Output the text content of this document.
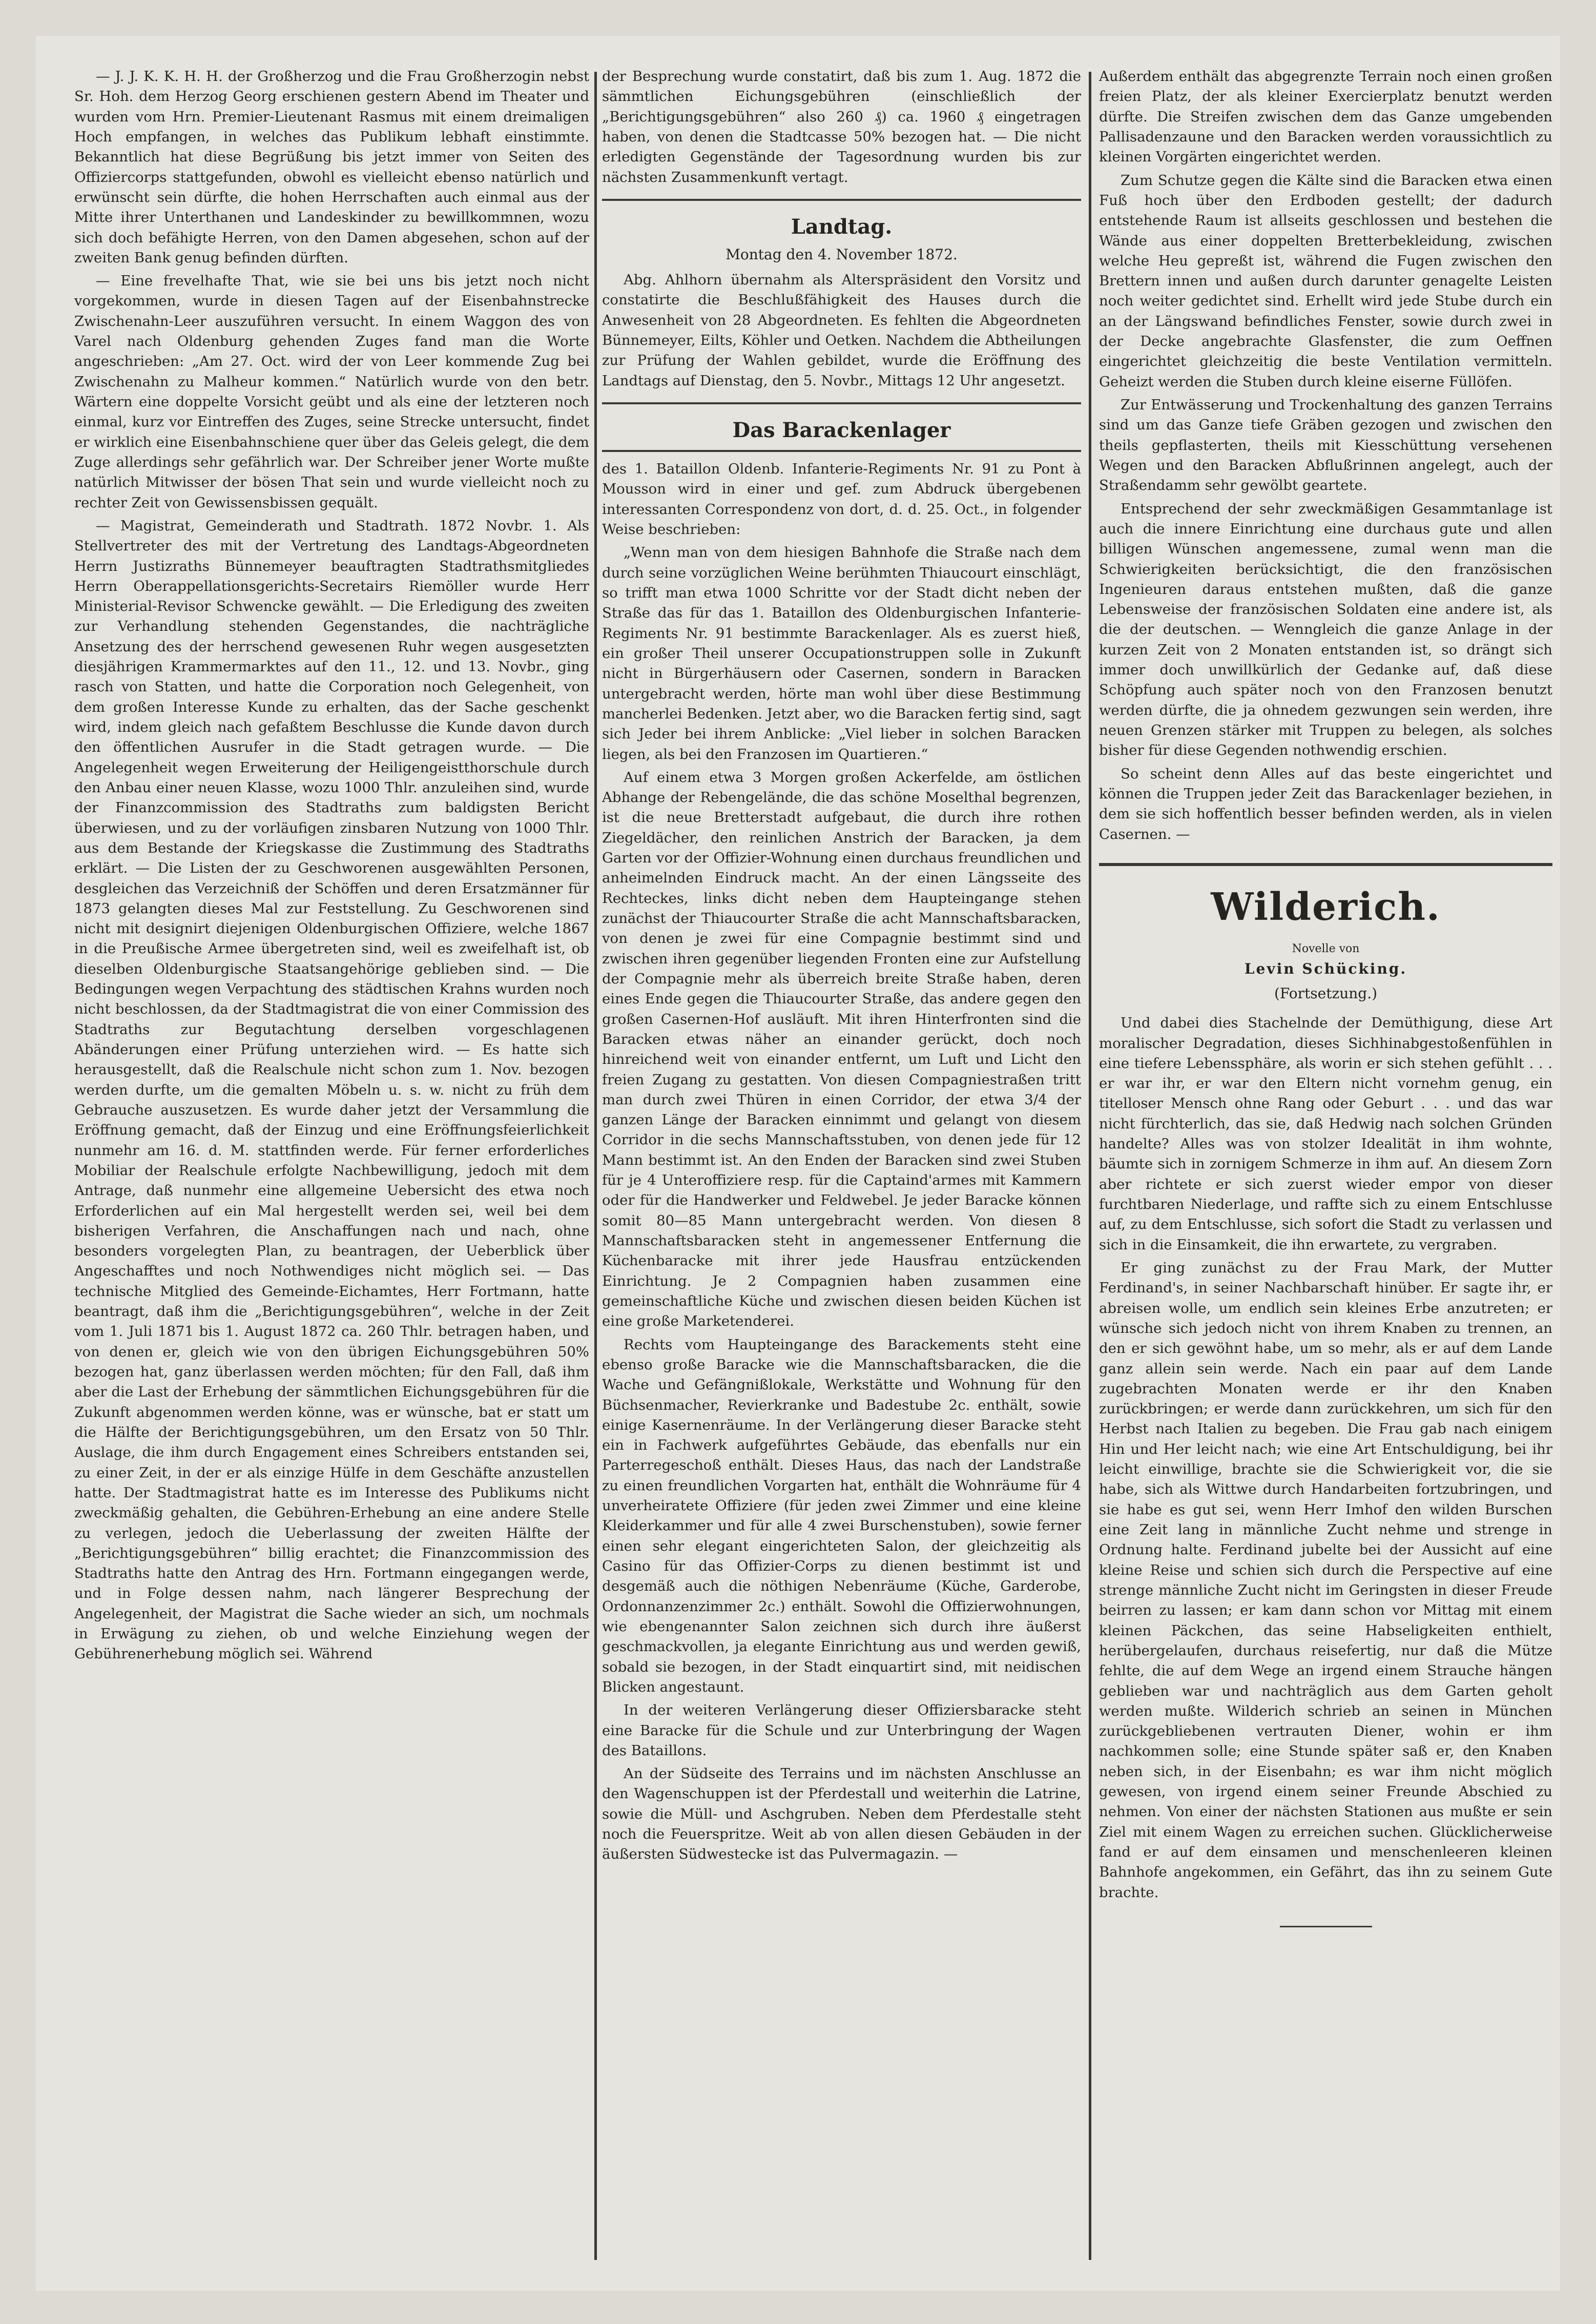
— J. J. K. K. H. H. der Großherzog und die Frau Großherzogin nebst Sr. Hoh. dem Herzog Georg erschienen gestern Abend im Theater und wurden vom Hrn. Premier-Lieutenant Rasmus mit einem dreimaligen Hoch empfangen, in welches das Publikum lebhaft einstimmte. Bekanntlich hat diese Begrüßung bis jetzt immer von Seiten des Offiziercorps stattgefunden, obwohl es vielleicht ebenso natürlich und erwünscht sein dürfte, die hohen Herrschaften auch einmal aus der Mitte ihrer Unterthanen und Landeskinder zu bewillkommnen, wozu sich doch befähigte Herren, von den Damen abgesehen, schon auf der zweiten Bank genug befinden dürften.

— Eine frevelhafte That, wie sie bei uns bis jetzt noch nicht vorgekommen, wurde in diesen Tagen auf der Eisenbahnstrecke Zwischenahn-Leer auszuführen versucht. In einem Waggon des von Varel nach Oldenburg gehenden Zuges fand man die Worte angeschrieben: „Am 27. Oct. wird der von Leer kommende Zug bei Zwischenahn zu Malheur kommen.“ Natürlich wurde von den betr. Wärtern eine doppelte Vorsicht geübt und als eine der letzteren noch einmal, kurz vor Eintreffen des Zuges, seine Strecke untersucht, findet er wirklich eine Eisenbahnschiene quer über das Geleis gelegt, die dem Zuge allerdings sehr gefährlich war. Der Schreiber jener Worte mußte natürlich Mitwisser der bösen That sein und wurde vielleicht noch zu rechter Zeit von Gewissensbissen gequält.

— Magistrat, Gemeinderath und Stadtrath. 1872 Novbr. 1. Als Stellvertreter des mit der Vertretung des Landtags-Abgeordneten Herrn Justizraths Bünnemeyer beauftragten Stadtrathsmitgliedes Herrn Oberappellationsgerichts-Secretairs Riemöller wurde Herr Ministerial-Revisor Schwencke gewählt. — Die Erledigung des zweiten zur Verhandlung stehenden Gegenstandes, die nachträgliche Ansetzung des der herrschend gewesenen Ruhr wegen ausgesetzten diesjährigen Krammermarktes auf den 11., 12. und 13. Novbr., ging rasch von Statten, und hatte die Corporation noch Gelegenheit, von dem großen Interesse Kunde zu erhalten, das der Sache geschenkt wird, indem gleich nach gefaßtem Beschlusse die Kunde davon durch den öffentlichen Ausrufer in die Stadt getragen wurde. — Die Angelegenheit wegen Erweiterung der Heiligengeistthorschule durch den Anbau einer neuen Klasse, wozu 1000 Thlr. anzuleihen sind, wurde der Finanzcommission des Stadtraths zum baldigsten Bericht überwiesen, und zu der vorläufigen zinsbaren Nutzung von 1000 Thlr. aus dem Bestande der Kriegskasse die Zustimmung des Stadtraths erklärt. — Die Listen der zu Geschworenen ausgewählten Personen, desgleichen das Verzeichniß der Schöffen und deren Ersatzmänner für 1873 gelangten dieses Mal zur Feststellung. Zu Geschworenen sind nicht mit designirt diejenigen Oldenburgischen Offiziere, welche 1867 in die Preußische Armee übergetreten sind, weil es zweifelhaft ist, ob dieselben Oldenburgische Staatsangehörige geblieben sind. — Die Bedingungen wegen Verpachtung des städtischen Krahns wurden noch nicht beschlossen, da der Stadtmagistrat die von einer Commission des Stadtraths zur Begutachtung derselben vorgeschlagenen Abänderungen einer Prüfung unterziehen wird. — Es hatte sich herausgestellt, daß die Realschule nicht schon zum 1. Nov. bezogen werden durfte, um die gemalten Möbeln u. s. w. nicht zu früh dem Gebrauche auszusetzen. Es wurde daher jetzt der Versammlung die Eröffnung gemacht, daß der Einzug und eine Eröffnungsfeierlichkeit nunmehr am 16. d. M. stattfinden werde. Für ferner erforderliches Mobiliar der Realschule erfolgte Nachbewilligung, jedoch mit dem Antrage, daß nunmehr eine allgemeine Uebersicht des etwa noch Erforderlichen auf ein Mal hergestellt werden sei, weil bei dem bisherigen Verfahren, die Anschaffungen nach und nach, ohne besonders vorgelegten Plan, zu beantragen, der Ueberblick über Angeschafftes und noch Nothwendiges nicht möglich sei. — Das technische Mitglied des Gemeinde-Eichamtes, Herr Fortmann, hatte beantragt, daß ihm die „Berichtigungsgebühren“, welche in der Zeit vom 1. Juli 1871 bis 1. August 1872 ca. 260 Thlr. betragen haben, und von denen er, gleich wie von den übrigen Eichungsgebühren 50% bezogen hat, ganz überlassen werden möchten; für den Fall, daß ihm aber die Last der Erhebung der sämmtlichen Eichungsgebühren für die Zukunft abgenommen werden könne, was er wünsche, bat er statt um die Hälfte der Berichtigungsgebühren, um den Ersatz von 50 Thlr. Auslage, die ihm durch Engagement eines Schreibers entstanden sei, zu einer Zeit, in der er als einzige Hülfe in dem Geschäfte anzustellen hatte. Der Stadtmagistrat hatte es im Interesse des Publikums nicht zweckmäßig gehalten, die Gebühren-Erhebung an eine andere Stelle zu verlegen, jedoch die Ueberlassung der zweiten Hälfte der „Berichtigungsgebühren“ billig erachtet; die Finanzcommission des Stadtraths hatte den Antrag des Hrn. Fortmann eingegangen werde, und in Folge dessen nahm, nach längerer Besprechung der Angelegenheit, der Magistrat die Sache wieder an sich, um nochmals in Erwägung zu ziehen, ob und welche Einziehung wegen der Gebührenerhebung möglich sei. Während

der Besprechung wurde constatirt, daß bis zum 1. Aug. 1872 die sämmtlichen Eichungsgebühren (einschließlich der „Berichtigungsgebühren“ also 260 ₰) ca. 1960 ₰ eingetragen haben, von denen die Stadtcasse 50% bezogen hat. — Die nicht erledigten Gegenstände der Tagesordnung wurden bis zur nächsten Zusammenkunft vertagt.

Landtag.
Montag den 4. November 1872.

Abg. Ahlhorn übernahm als Alterspräsident den Vorsitz und constatirte die Beschlußfähigkeit des Hauses durch die Anwesenheit von 28 Abgeordneten. Es fehlten die Abgeordneten Bünnemeyer, Eilts, Köhler und Oetken. Nachdem die Abtheilungen zur Prüfung der Wahlen gebildet, wurde die Eröffnung des Landtags auf Dienstag, den 5. Novbr., Mittags 12 Uhr angesetzt.

Das Barackenlager

des 1. Bataillon Oldenb. Infanterie-Regiments Nr. 91 zu Pont à Mousson wird in einer und gef. zum Abdruck übergebenen interessanten Correspondenz von dort, d. d. 25. Oct., in folgender Weise beschrieben:

„Wenn man von dem hiesigen Bahnhofe die Straße nach dem durch seine vorzüglichen Weine berühmten Thiaucourt einschlägt, so trifft man etwa 1000 Schritte vor der Stadt dicht neben der Straße das für das 1. Bataillon des Oldenburgischen Infanterie-Regiments Nr. 91 bestimmte Barackenlager. Als es zuerst hieß, ein großer Theil unserer Occupationstruppen solle in Zukunft nicht in Bürgerhäusern oder Casernen, sondern in Baracken untergebracht werden, hörte man wohl über diese Bestimmung mancherlei Bedenken. Jetzt aber, wo die Baracken fertig sind, sagt sich Jeder bei ihrem Anblicke: „Viel lieber in solchen Baracken liegen, als bei den Franzosen im Quartieren.“

Auf einem etwa 3 Morgen großen Ackerfelde, am östlichen Abhange der Rebengelände, die das schöne Moselthal begrenzen, ist die neue Bretterstadt aufgebaut, die durch ihre rothen Ziegeldächer, den reinlichen Anstrich der Baracken, ja dem Garten vor der Offizier-Wohnung einen durchaus freundlichen und anheimelnden Eindruck macht. An der einen Längsseite des Rechteckes, links dicht neben dem Haupteingange stehen zunächst der Thiaucourter Straße die acht Mannschaftsbaracken, von denen je zwei für eine Compagnie bestimmt sind und zwischen ihren gegenüber liegenden Fronten eine zur Aufstellung der Compagnie mehr als überreich breite Straße haben, deren eines Ende gegen die Thiaucourter Straße, das andere gegen den großen Casernen-Hof ausläuft. Mit ihren Hinterfronten sind die Baracken etwas näher an einander gerückt, doch noch hinreichend weit von einander entfernt, um Luft und Licht den freien Zugang zu gestatten. Von diesen Compagniestraßen tritt man durch zwei Thüren in einen Corridor, der etwa 3/4 der ganzen Länge der Baracken einnimmt und gelangt von diesem Corridor in die sechs Mannschaftsstuben, von denen jede für 12 Mann bestimmt ist. An den Enden der Baracken sind zwei Stuben für je 4 Unteroffiziere resp. für die Captaind'armes mit Kammern oder für die Handwerker und Feldwebel. Je jeder Baracke können somit 80—85 Mann untergebracht werden. Von diesen 8 Mannschaftsbaracken steht in angemessener Entfernung die Küchenbaracke mit ihrer jede Hausfrau entzückenden Einrichtung. Je 2 Compagnien haben zusammen eine gemeinschaftliche Küche und zwischen diesen beiden Küchen ist eine große Marketenderei.

Rechts vom Haupteingange des Barackements steht eine ebenso große Baracke wie die Mannschaftsbaracken, die die Wache und Gefängnißlokale, Werkstätte und Wohnung für den Büchsenmacher, Revierkranke und Badestube 2c. enthält, sowie einige Kasernenräume. In der Verlängerung dieser Baracke steht ein in Fachwerk aufgeführtes Gebäude, das ebenfalls nur ein Parterregeschoß enthält. Dieses Haus, das nach der Landstraße zu einen freundlichen Vorgarten hat, enthält die Wohnräume für 4 unverheiratete Offiziere (für jeden zwei Zimmer und eine kleine Kleiderkammer und für alle 4 zwei Burschenstuben), sowie ferner einen sehr elegant eingerichteten Salon, der gleichzeitig als Casino für das Offizier-Corps zu dienen bestimmt ist und desgemäß auch die nöthigen Nebenräume (Küche, Garderobe, Ordonnanzenzimmer 2c.) enthält. Sowohl die Offizierwohnungen, wie ebengenannter Salon zeichnen sich durch ihre äußerst geschmackvollen, ja elegante Einrichtung aus und werden gewiß, sobald sie bezogen, in der Stadt einquartirt sind, mit neidischen Blicken angestaunt.

In der weiteren Verlängerung dieser Offiziersbaracke steht eine Baracke für die Schule und zur Unterbringung der Wagen des Bataillons.

An der Südseite des Terrains und im nächsten Anschlusse an den Wagenschuppen ist der Pferdestall und weiterhin die Latrine, sowie die Müll- und Aschgruben. Neben dem Pferdestalle steht noch die Feuerspritze. Weit ab von allen diesen Gebäuden in der äußersten Südwestecke ist das Pulvermagazin. —

Außerdem enthält das abgegrenzte Terrain noch einen großen freien Platz, der als kleiner Exercierplatz benutzt werden dürfte. Die Streifen zwischen dem das Ganze umgebenden Pallisadenzaune und den Baracken werden voraussichtlich zu kleinen Vorgärten eingerichtet werden.

Zum Schutze gegen die Kälte sind die Baracken etwa einen Fuß hoch über den Erdboden gestellt; der dadurch entstehende Raum ist allseits geschlossen und bestehen die Wände aus einer doppelten Bretterbekleidung, zwischen welche Heu gepreßt ist, während die Fugen zwischen den Brettern innen und außen durch darunter genagelte Leisten noch weiter gedichtet sind. Erhellt wird jede Stube durch ein an der Längswand befindliches Fenster, sowie durch zwei in der Decke angebrachte Glasfenster, die zum Oeffnen eingerichtet gleichzeitig die beste Ventilation vermitteln. Geheizt werden die Stuben durch kleine eiserne Füllöfen.

Zur Entwässerung und Trockenhaltung des ganzen Terrains sind um das Ganze tiefe Gräben gezogen und zwischen den theils gepflasterten, theils mit Kiesschüttung versehenen Wegen und den Baracken Abflußrinnen angelegt, auch der Straßendamm sehr gewölbt geartete.

Entsprechend der sehr zweckmäßigen Gesammtanlage ist auch die innere Einrichtung eine durchaus gute und allen billigen Wünschen angemessene, zumal wenn man die Schwierigkeiten berücksichtigt, die den französischen Ingenieuren daraus entstehen mußten, daß die ganze Lebensweise der französischen Soldaten eine andere ist, als die der deutschen. — Wenngleich die ganze Anlage in der kurzen Zeit von 2 Monaten entstanden ist, so drängt sich immer doch unwillkürlich der Gedanke auf, daß diese Schöpfung auch später noch von den Franzosen benutzt werden dürfte, die ja ohnedem gezwungen sein werden, ihre neuen Grenzen stärker mit Truppen zu belegen, als solches bisher für diese Gegenden nothwendig erschien.

So scheint denn Alles auf das beste eingerichtet und können die Truppen jeder Zeit das Barackenlager beziehen, in dem sie sich hoffentlich besser befinden werden, als in vielen Casernen. —

Wilderich.
Novelle von
Levin Schücking.
(Fortsetzung.)

Und dabei dies Stachelnde der Demüthigung, diese Art moralischer Degradation, dieses Sichhinabgestoßenfühlen in eine tiefere Lebenssphäre, als worin er sich stehen gefühlt . . . er war ihr, er war den Eltern nicht vornehm genug, ein titelloser Mensch ohne Rang oder Geburt . . . und das war nicht fürchterlich, das sie, daß Hedwig nach solchen Gründen handelte? Alles was von stolzer Idealität in ihm wohnte, bäumte sich in zornigem Schmerze in ihm auf. An diesem Zorn aber richtete er sich zuerst wieder empor von dieser furchtbaren Niederlage, und raffte sich zu einem Entschlusse auf, zu dem Entschlusse, sich sofort die Stadt zu verlassen und sich in die Einsamkeit, die ihn erwartete, zu vergraben.

Er ging zunächst zu der Frau Mark, der Mutter Ferdinand's, in seiner Nachbarschaft hinüber. Er sagte ihr, er abreisen wolle, um endlich sein kleines Erbe anzutreten; er wünsche sich jedoch nicht von ihrem Knaben zu trennen, an den er sich gewöhnt habe, um so mehr, als er auf dem Lande ganz allein sein werde. Nach ein paar auf dem Lande zugebrachten Monaten werde er ihr den Knaben zurückbringen; er werde dann zurückkehren, um sich für den Herbst nach Italien zu begeben. Die Frau gab nach einigem Hin und Her leicht nach; wie eine Art Entschuldigung, bei ihr leicht einwillige, brachte sie die Schwierigkeit vor, die sie habe, sich als Wittwe durch Handarbeiten fortzubringen, und sie habe es gut sei, wenn Herr Imhof den wilden Burschen eine Zeit lang in männliche Zucht nehme und strenge in Ordnung halte. Ferdinand jubelte bei der Aussicht auf eine kleine Reise und schien sich durch die Perspective auf eine strenge männliche Zucht nicht im Geringsten in dieser Freude beirren zu lassen; er kam dann schon vor Mittag mit einem kleinen Päckchen, das seine Habseligkeiten enthielt, herübergelaufen, durchaus reisefertig, nur daß die Mütze fehlte, die auf dem Wege an irgend einem Strauche hängen geblieben war und nachträglich aus dem Garten geholt werden mußte. Wilderich schrieb an seinen in München zurückgebliebenen vertrauten Diener, wohin er ihm nachkommen solle; eine Stunde später saß er, den Knaben neben sich, in der Eisenbahn; es war ihm nicht möglich gewesen, von irgend einem seiner Freunde Abschied zu nehmen. Von einer der nächsten Stationen aus mußte er sein Ziel mit einem Wagen zu erreichen suchen. Glücklicherweise fand er auf dem einsamen und menschenleeren kleinen Bahnhofe angekommen, ein Gefährt, das ihn zu seinem Gute brachte.
